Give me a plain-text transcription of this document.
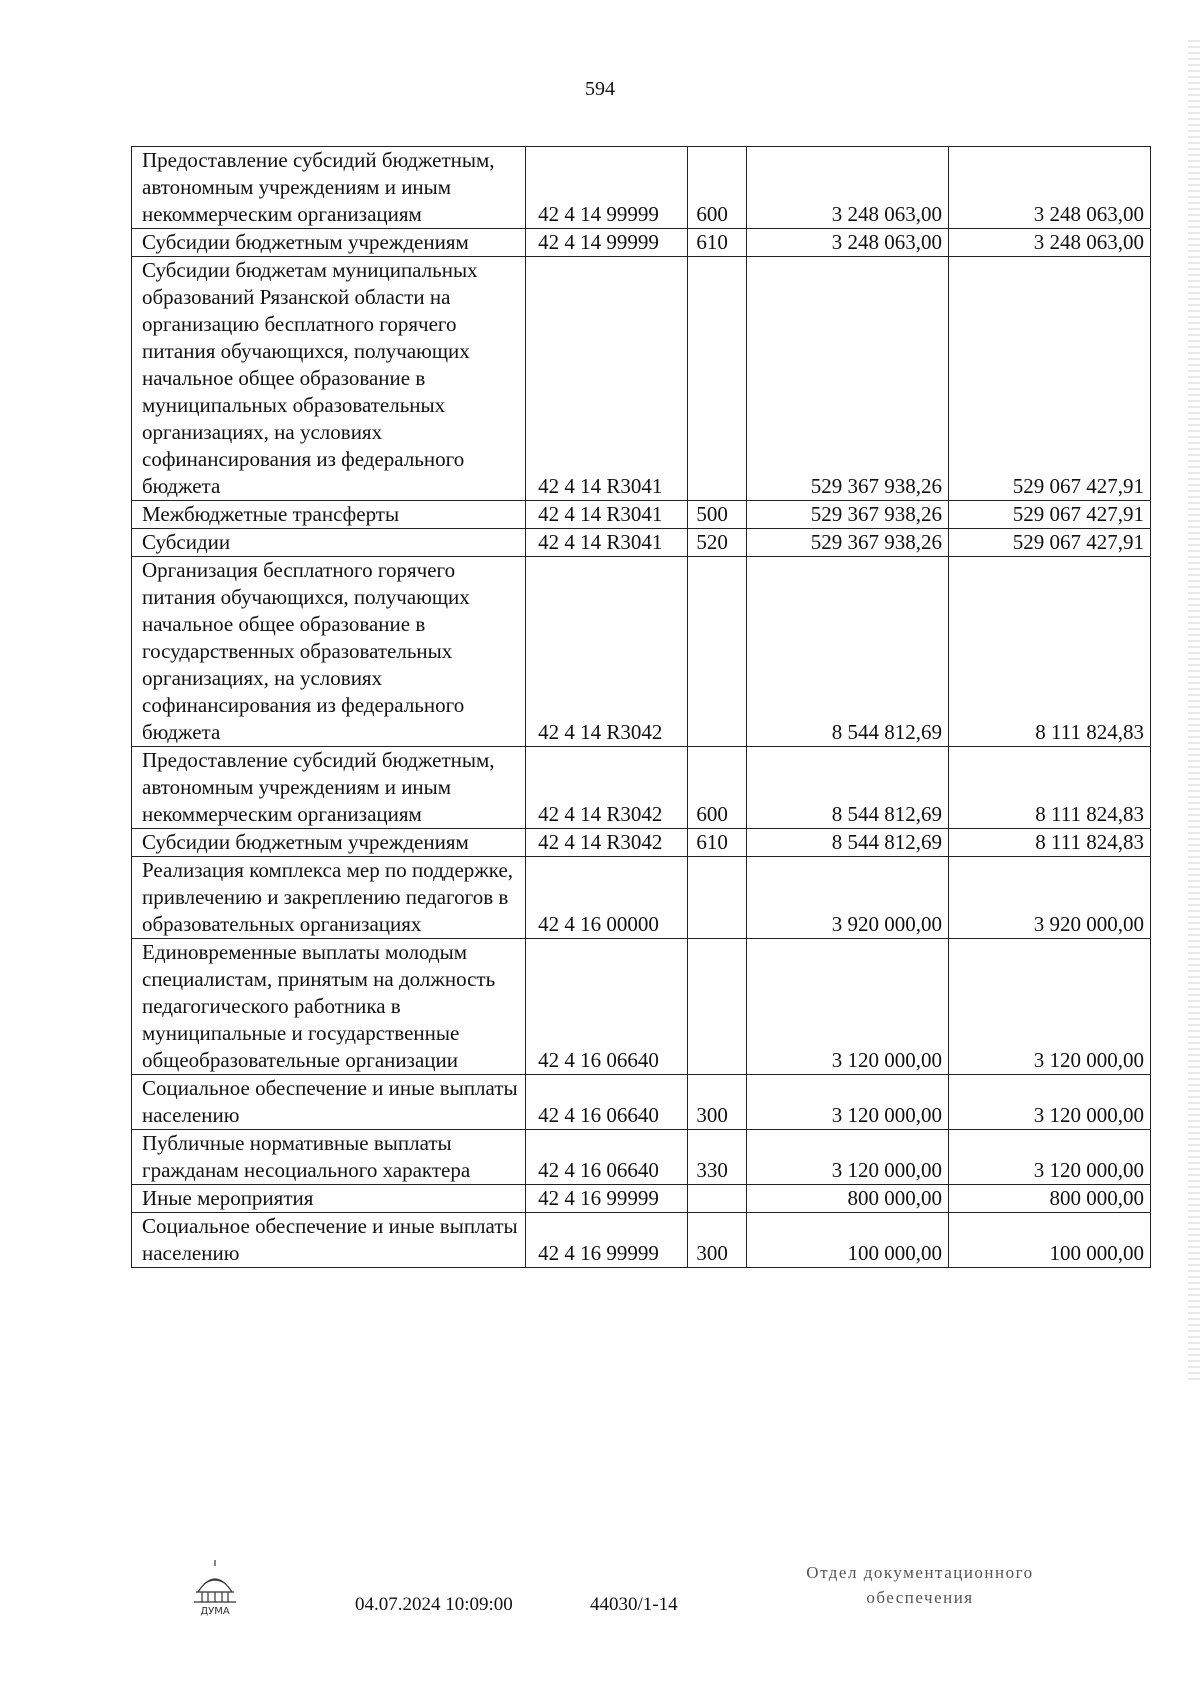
594
Предоставление субсидий бюджетным, автономным учреждениям и иным некоммерческим организациям	42 4 14 99999	600	3 248 063,00	3 248 063,00
Субсидии бюджетным учреждениям	42 4 14 99999	610	3 248 063,00	3 248 063,00
Субсидии бюджетам муниципальных образований Рязанской области на организацию бесплатного горячего питания обучающихся, получающих начальное общее образование в муниципальных образовательных организациях, на условиях софинансирования из федерального бюджета	42 4 14 R3041		529 367 938,26	529 067 427,91
Межбюджетные трансферты	42 4 14 R3041	500	529 367 938,26	529 067 427,91
Субсидии	42 4 14 R3041	520	529 367 938,26	529 067 427,91
Организация бесплатного горячего питания обучающихся, получающих начальное общее образование в государственных образовательных организациях, на условиях софинансирования из федерального бюджета	42 4 14 R3042		8 544 812,69	8 111 824,83
Предоставление субсидий бюджетным, автономным учреждениям и иным некоммерческим организациям	42 4 14 R3042	600	8 544 812,69	8 111 824,83
Субсидии бюджетным учреждениям	42 4 14 R3042	610	8 544 812,69	8 111 824,83
Реализация комплекса мер по поддержке, привлечению и закреплению педагогов в образовательных организациях	42 4 16 00000		3 920 000,00	3 920 000,00
Единовременные выплаты молодым специалистам, принятым на должность педагогического работника в муниципальные и государственные общеобразовательные организации	42 4 16 06640		3 120 000,00	3 120 000,00
Социальное обеспечение и иные выплаты населению	42 4 16 06640	300	3 120 000,00	3 120 000,00
Публичные нормативные выплаты гражданам несоциального характера	42 4 16 06640	330	3 120 000,00	3 120 000,00
Иные мероприятия	42 4 16 99999		800 000,00	800 000,00
Социальное обеспечение и иные выплаты населению	42 4 16 99999	300	100 000,00	100 000,00
ДУМА	04.07.2024 10:09:00	44030/1-14
Отдел документационного
обеспечения
